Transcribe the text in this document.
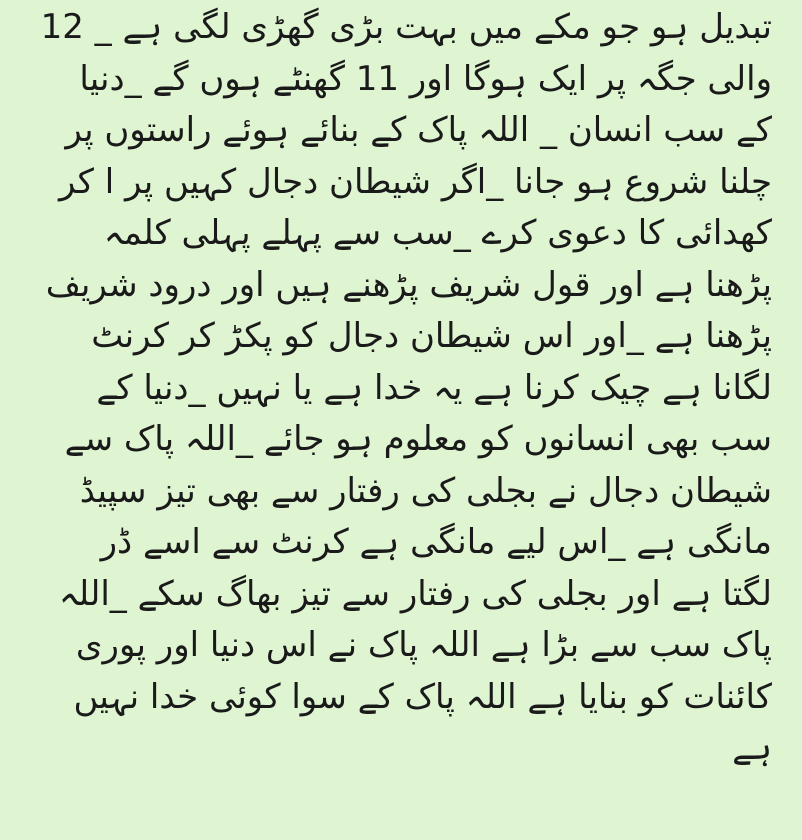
تبدیل ہو جو مکے میں بہت بڑی گھڑی لگی ہے _ 12
والی جگہ پر ایک ہوگا اور 11 گھنٹے ہوں گے _دنیا
کے سب انسان _ اللہ پاک کے بنائے ہوئے راستوں پر
چلنا شروع ہو جانا _اگر شیطان دجال کہیں پر ا کر
کھدائی کا دعوی کرے _سب سے پہلے پہلی کلمہ
پڑھنا ہے اور قول شریف پڑھنے ہیں اور درود شریف
پڑھنا ہے _اور اس شیطان دجال کو پکڑ کر کرنٹ
لگانا ہے چیک کرنا ہے یہ خدا ہے یا نہیں _دنیا کے
سب بھی انسانوں کو معلوم ہو جائے _اللہ پاک سے
شیطان دجال نے بجلی کی رفتار سے بھی تیز سپیڈ
مانگی ہے _اس لیے مانگی ہے کرنٹ سے اسے ڈر
لگتا ہے اور بجلی کی رفتار سے تیز بھاگ سکے _اللہ
پاک سب سے بڑا ہے اللہ پاک نے اس دنیا اور پوری
کائنات کو بنایا ہے اللہ پاک کے سوا کوئی خدا نہیں
ہے
